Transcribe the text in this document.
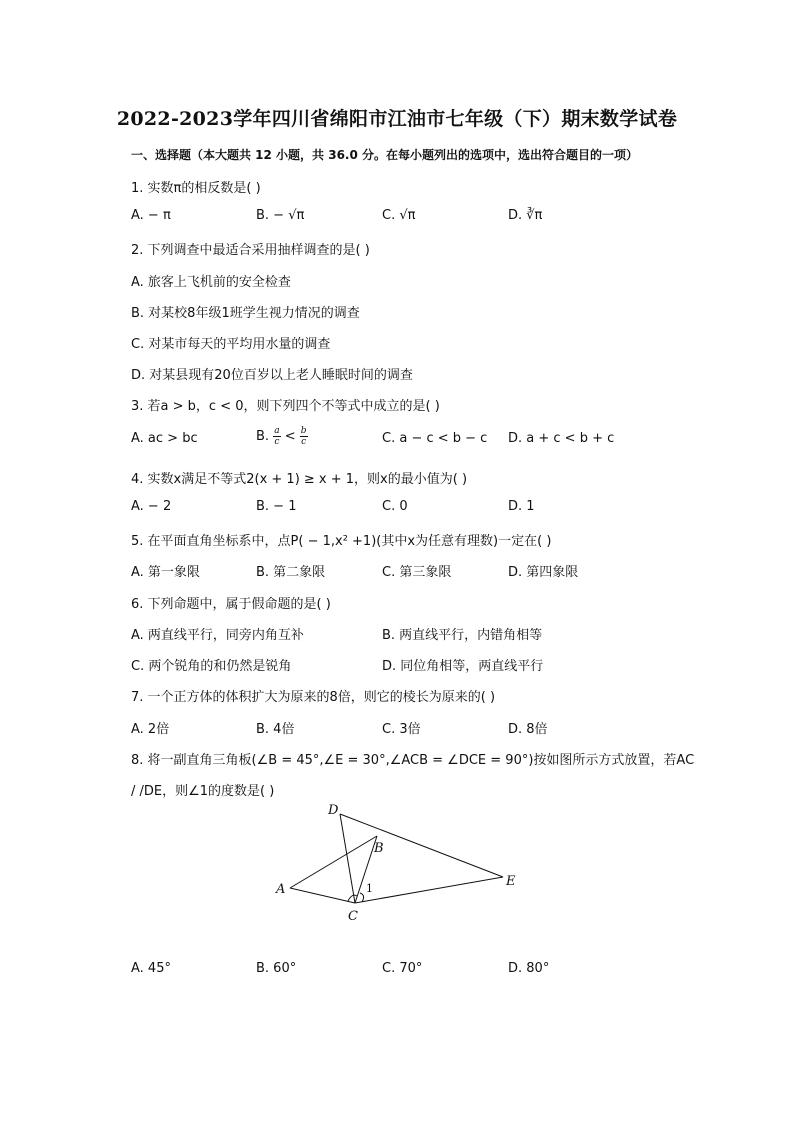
2022-2023学年四川省绵阳市江油市七年级（下）期末数学试卷
一、选择题（本大题共 12 小题，共 36.0 分。在每小题列出的选项中，选出符合题目的一项）
1. 实数π的相反数是( )
A. − π	B. − √π	C. √π	D. ∛π
2. 下列调查中最适合采用抽样调查的是( )
A. 旅客上飞机前的安全检查
B. 对某校8年级1班学生视力情况的调查
C. 对某市每天的平均用水量的调查
D. 对某县现有20位百岁以上老人睡眠时间的调查
3. 若a > b，c < 0，则下列四个不等式中成立的是( )
A. ac > bc	B. $\frac{a}{c} < \frac{b}{c}$	C. a − c < b − c D. a + c < b + c
4. 实数x满足不等式2(x + 1) ≥ x + 1，则x的最小值为( )
A. − 2	B. − 1	C. 0	D. 1
5. 在平面直角坐标系中，点P( − 1,x² +1)(其中x为任意有理数)一定在( )
A. 第一象限	B. 第二象限	C. 第三象限	D. 第四象限
6. 下列命题中，属于假命题的是( )
A. 两直线平行，同旁内角互补	B. 两直线平行，内错角相等
C. 两个锐角的和仍然是锐角	D. 同位角相等，两直线平行
7. 一个正方体的体积扩大为原来的8倍，则它的棱长为原来的( )
A. 2倍	B. 4倍	C. 3倍	D. 8倍
8. 将一副直角三角板(∠B = 45°,∠E = 30°,∠ACB = ∠DCE = 90°)按如图所示方式放置，若AC
/ /DE，则∠1的度数是( )
D
B
A
E
C
1
A. 45°	B. 60°	C. 70°	D. 80°
